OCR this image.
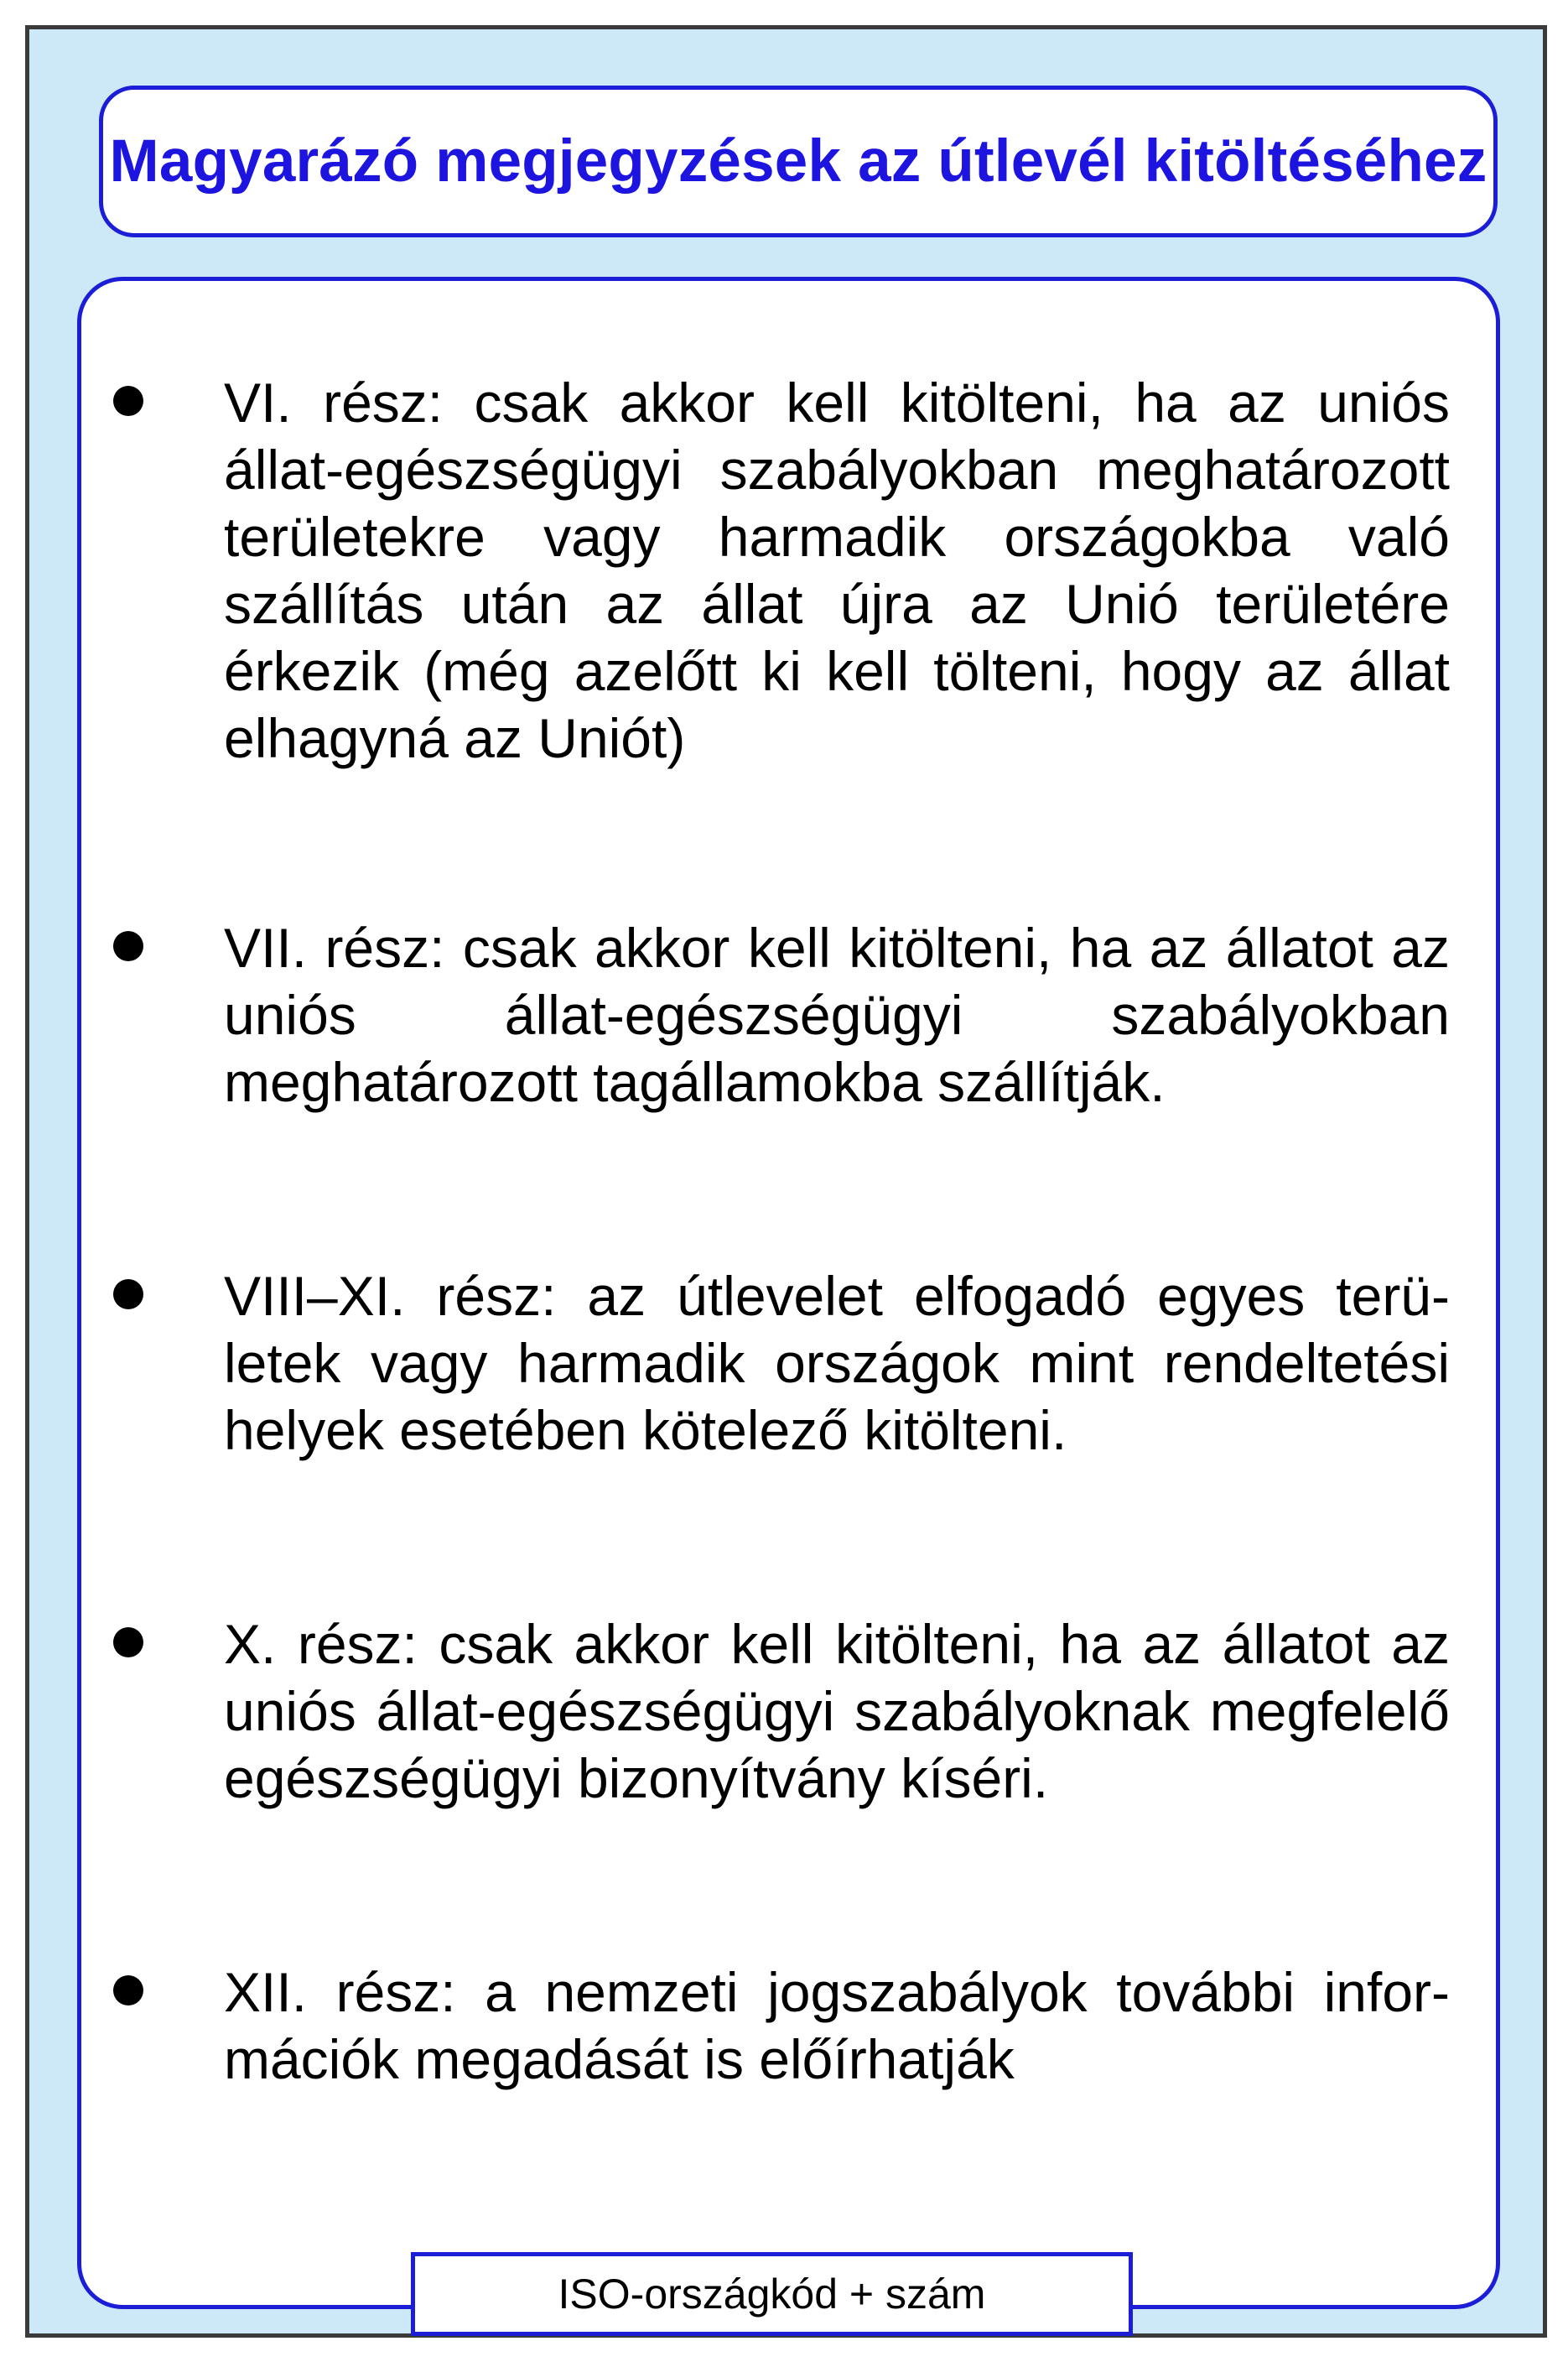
Magyarázó megjegyzések az útlevél kitöltéséhez

VI. rész: csak akkor kell kitölteni, ha az uniós állat-egészségügyi szabályokban meghatározott területekre vagy harmadik országokba való szállítás után az állat újra az Unió területére érkezik (még azelőtt ki kell tölteni, hogy az állat elhagyná az Uniót)

VII. rész: csak akkor kell kitölteni, ha az állatot az uniós állat-egészségügyi szabályokban meghatározott tagállamokba szállítják.

VIII–XI. rész: az útlevelet elfogadó egyes területek vagy harmadik országok mint rendeltetési helyek esetében kötelező kitölteni.

X. rész: csak akkor kell kitölteni, ha az állatot az uniós állat-egészségügyi szabályoknak megfelelő egészségügyi bizonyítvány kíséri.

XII. rész: a nemzeti jogszabályok további információk megadását is előírhatják

ISO-országkód + szám
